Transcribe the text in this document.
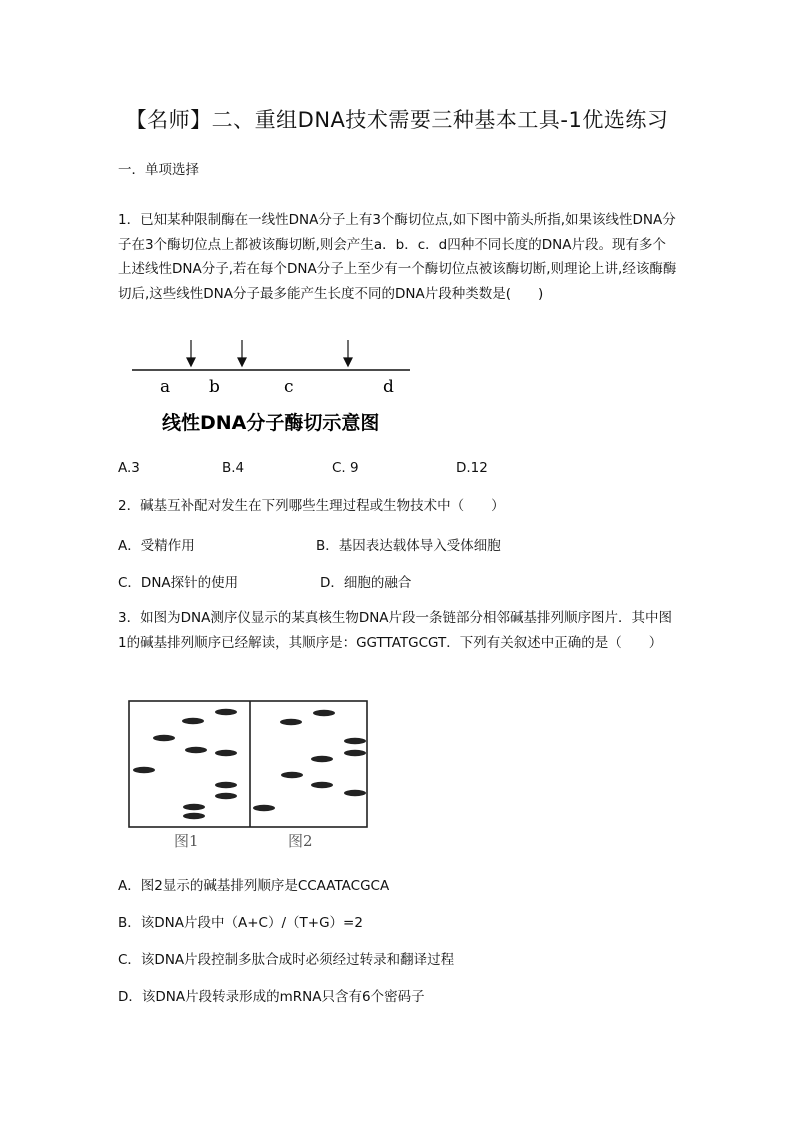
【名师】二、重组DNA技术需要三种基本工具-1优选练习
一．单项选择
1．已知某种限制酶在一线性DNA分子上有3个酶切位点,如下图中箭头所指,如果该线性DNA分子在3个酶切位点上都被该酶切断,则会产生a．b．c．d四种不同长度的DNA片段。现有多个上述线性DNA分子,若在每个DNA分子上至少有一个酶切位点被该酶切断,则理论上讲,经该酶酶切后,这些线性DNA分子最多能产生长度不同的DNA片段种类数是(　　)
a b	c	d
线性DNA分子酶切示意图
A.3	B.4	C. 9	D.12
2．碱基互补配对发生在下列哪些生理过程或生物技术中（　　）
A．受精作用	B．基因表达载体导入受体细胞
C．DNA探针的使用	D．细胞的融合
3．如图为DNA测序仪显示的某真核生物DNA片段一条链部分相邻碱基排列顺序图片．其中图1的碱基排列顺序已经解读，其顺序是：GGTTATGCGT．下列有关叙述中正确的是（　　）
图1	图2
A．图2显示的碱基排列顺序是CCAATACGCA
B．该DNA片段中（A+C）/（T+G）=2
C．该DNA片段控制多肽合成时必须经过转录和翻译过程
D．该DNA片段转录形成的mRNA只含有6个密码子
